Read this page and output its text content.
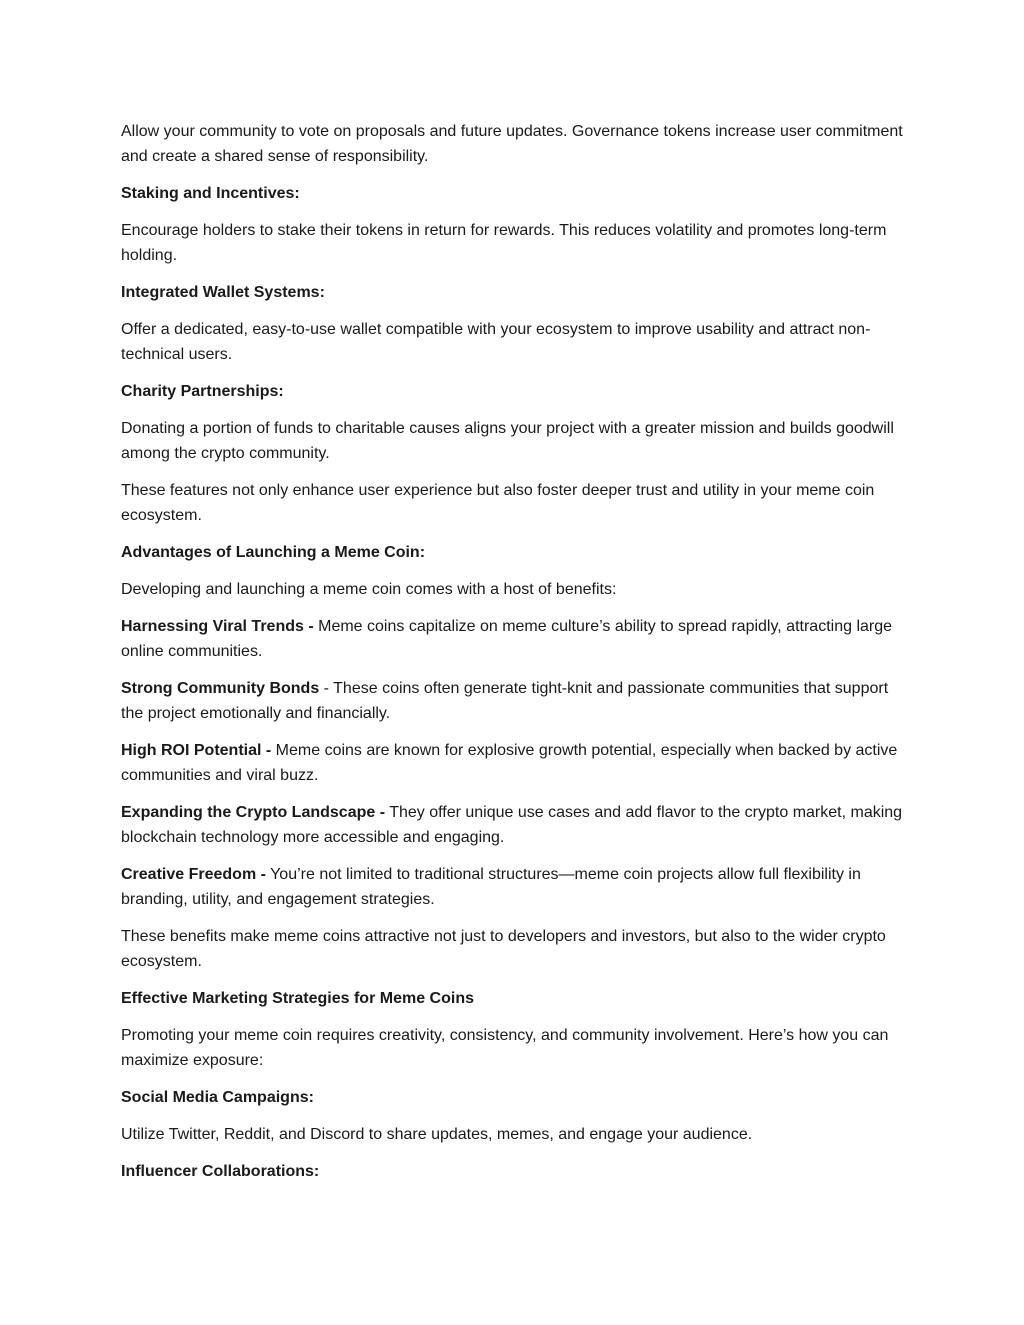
Allow your community to vote on proposals and future updates. Governance tokens increase user commitment and create a shared sense of responsibility.

Staking and Incentives:

Encourage holders to stake their tokens in return for rewards. This reduces volatility and promotes long-term holding.

Integrated Wallet Systems:

Offer a dedicated, easy-to-use wallet compatible with your ecosystem to improve usability and attract non-technical users.

Charity Partnerships:

Donating a portion of funds to charitable causes aligns your project with a greater mission and builds goodwill among the crypto community.

These features not only enhance user experience but also foster deeper trust and utility in your meme coin ecosystem.

Advantages of Launching a Meme Coin:

Developing and launching a meme coin comes with a host of benefits:

Harnessing Viral Trends - Meme coins capitalize on meme culture’s ability to spread rapidly, attracting large online communities.

Strong Community Bonds - These coins often generate tight-knit and passionate communities that support the project emotionally and financially.

High ROI Potential - Meme coins are known for explosive growth potential, especially when backed by active communities and viral buzz.

Expanding the Crypto Landscape - They offer unique use cases and add flavor to the crypto market, making blockchain technology more accessible and engaging.

Creative Freedom - You’re not limited to traditional structures—meme coin projects allow full flexibility in branding, utility, and engagement strategies.

These benefits make meme coins attractive not just to developers and investors, but also to the wider crypto ecosystem.

Effective Marketing Strategies for Meme Coins

Promoting your meme coin requires creativity, consistency, and community involvement. Here’s how you can maximize exposure:

Social Media Campaigns:

Utilize Twitter, Reddit, and Discord to share updates, memes, and engage your audience.

Influencer Collaborations:
